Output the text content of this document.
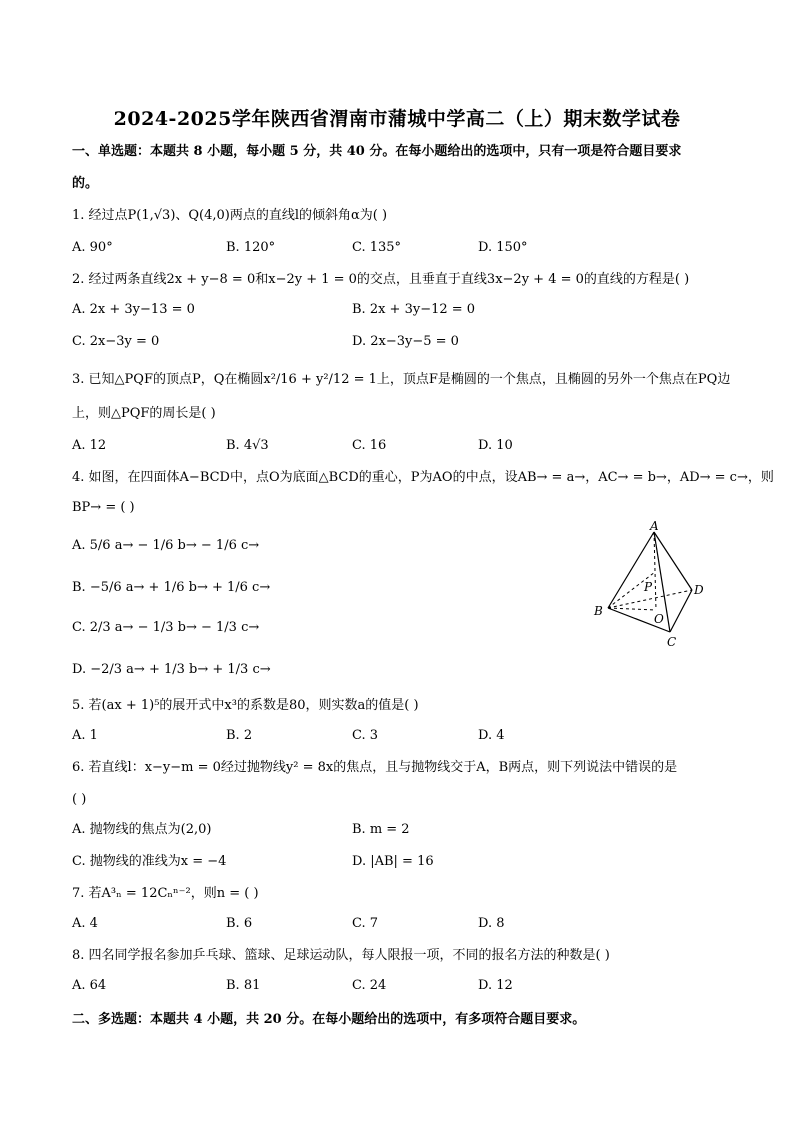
2024-2025学年陕西省渭南市蒲城中学高二（上）期末数学试卷
一、单选题：本题共 8 小题，每小题 5 分，共 40 分。在每小题给出的选项中，只有一项是符合题目要求
的。
1. 经过点P(1,√3)、Q(4,0)两点的直线l的倾斜角α为( )
A. 90°	B. 120°	C. 135°	D. 150°
2. 经过两条直线2x + y−8 = 0和x−2y + 1 = 0的交点，且垂直于直线3x−2y + 4 = 0的直线的方程是( )
A. 2x + 3y−13 = 0	B. 2x + 3y−12 = 0
C. 2x−3y = 0	D. 2x−3y−5 = 0
3. 已知△PQF的顶点P，Q在椭圆x²/16 + y²/12 = 1上，顶点F是椭圆的一个焦点，且椭圆的另外一个焦点在PQ边
上，则△PQF的周长是( )
A. 12	B. 4√3	C. 16	D. 10
4. 如图，在四面体A−BCD中，点O为底面△BCD的重心，P为AO的中点，设AB→ = a→，AC→ = b→，AD→ = c→，则
BP→ = ( )
A. 5/6 a→ − 1/6 b→ − 1/6 c→
B. −5/6 a→ + 1/6 b→ + 1/6 c→
C. 2/3 a→ − 1/3 b→ − 1/3 c→
D. −2/3 a→ + 1/3 b→ + 1/3 c→
A
B
C
D
P
O
5. 若(ax + 1)⁵的展开式中x³的系数是80，则实数a的值是( )
A. 1	B. 2	C. 3	D. 4
6. 若直线l：x−y−m = 0经过抛物线y² = 8x的焦点，且与抛物线交于A，B两点，则下列说法中错误的是
( )
A. 抛物线的焦点为(2,0)	B. m = 2
C. 抛物线的准线为x = −4	D. |AB| = 16
7. 若A³ₙ = 12Cₙⁿ⁻²，则n = ( )
A. 4	B. 6	C. 7	D. 8
8. 四名同学报名参加乒乓球、篮球、足球运动队，每人限报一项，不同的报名方法的种数是( )
A. 64	B. 81	C. 24	D. 12
二、多选题：本题共 4 小题，共 20 分。在每小题给出的选项中，有多项符合题目要求。
